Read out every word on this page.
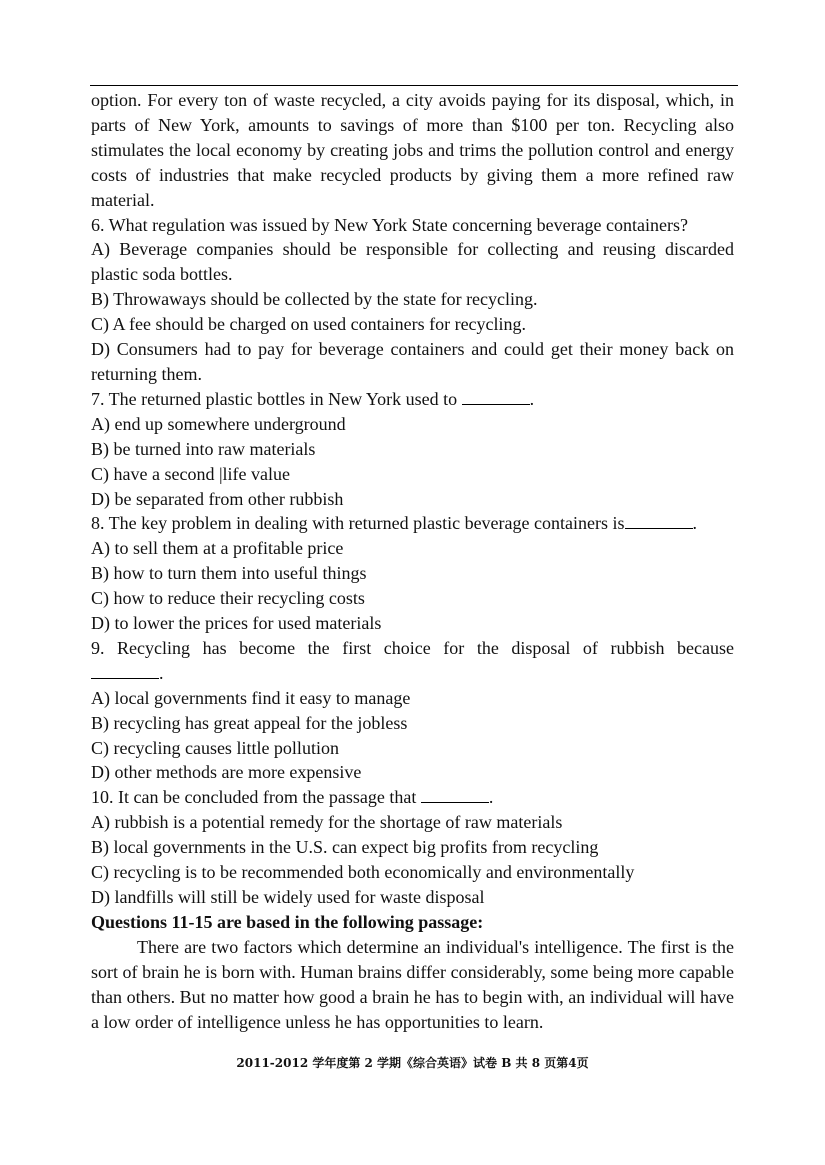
option. For every ton of waste recycled, a city avoids paying for its disposal, which, in parts of New York, amounts to savings of more than $100 per ton. Recycling also stimulates the local economy by creating jobs and trims the pollution control and energy costs of industries that make recycled products by giving them a more refined raw material.

6. What regulation was issued by New York State concerning beverage containers?

A) Beverage companies should be responsible for collecting and reusing discarded plastic soda bottles.

B) Throwaways should be collected by the state for recycling.

C) A fee should be charged on used containers for recycling.

D) Consumers had to pay for beverage containers and could get their money back on returning them.

7. The returned plastic bottles in New York used to	.

A) end up somewhere underground

B) be turned into raw materials

C) have a second |life value

D) be separated from other rubbish

8. The key problem in dealing with returned plastic beverage containers is	.

A) to sell them at a profitable price

B) how to turn them into useful things

C) how to reduce their recycling costs

D) to lower the prices for used materials

9. Recycling has become the first choice for the disposal of rubbish because

.

A) local governments find it easy to manage

B) recycling has great appeal for the jobless

C) recycling causes little pollution

D) other methods are more expensive

10. It can be concluded from the passage that	.

A) rubbish is a potential remedy for the shortage of raw materials

B) local governments in the U.S. can expect big profits from recycling

C) recycling is to be recommended both economically and environmentally

D) landfills will still be widely used for waste disposal

Questions 11-15 are based in the following passage:

There are two factors which determine an individual's intelligence. The first is the sort of brain he is born with. Human brains differ considerably, some being more capable than others. But no matter how good a brain he has to begin with, an individual will have a low order of intelligence unless he has opportunities to learn.

2011-2012 学年度第 2 学期《综合英语》试卷 B 共 8 页第4页
